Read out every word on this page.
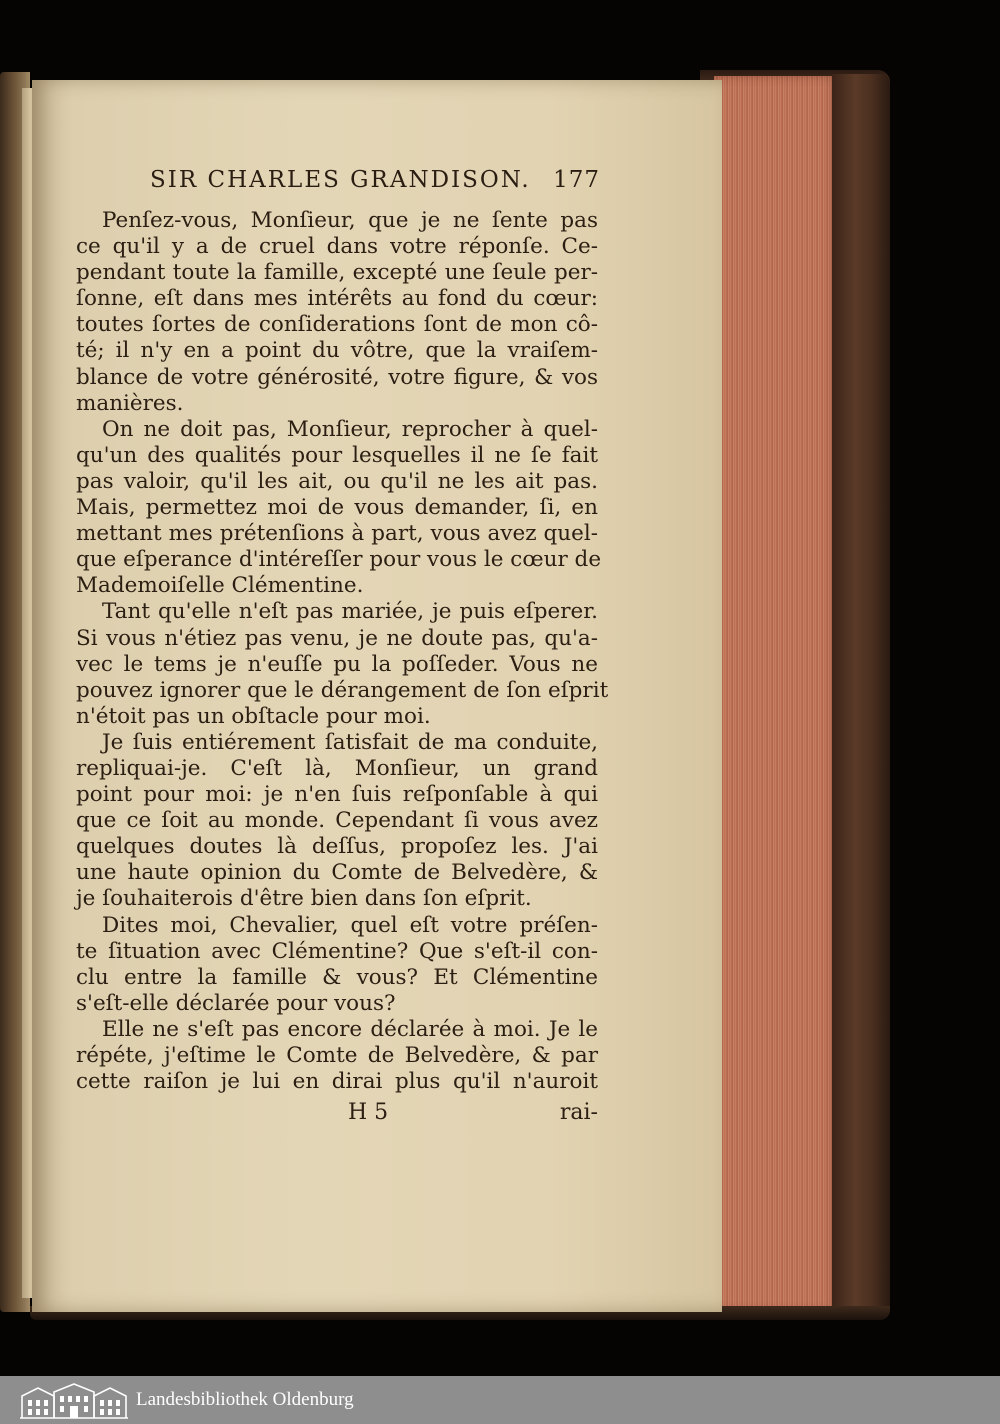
SIR CHARLES GRANDISON. 177
Penſez-vous, Monſieur, que je ne ſente pas
ce qu'il y a de cruel dans votre réponſe. Ce-
pendant toute la famille, excepté une ſeule per-
ſonne, eſt dans mes intérêts au fond du cœur:
toutes ſortes de conſiderations ſont de mon cô-
té; il n'y en a point du vôtre, que la vraiſem-
blance de votre générosité, votre figure, & vos
manières.
On ne doit pas, Monſieur, reprocher à quel-
qu'un des qualités pour lesquelles il ne ſe fait
pas valoir, qu'il les ait, ou qu'il ne les ait pas.
Mais, permettez moi de vous demander, ſi, en
mettant mes prétenſions à part, vous avez quel-
que eſperance d'intéreſſer pour vous le cœur de
Mademoiſelle Clémentine.
Tant qu'elle n'eſt pas mariée, je puis eſperer.
Si vous n'étiez pas venu, je ne doute pas, qu'a-
vec le tems je n'euſſe pu la poſſeder. Vous ne
pouvez ignorer que le dérangement de ſon eſprit
n'étoit pas un obſtacle pour moi.
Je ſuis entiérement ſatisfait de ma conduite,
repliquai-je. C'eſt là, Monſieur, un grand
point pour moi: je n'en ſuis reſponſable à qui
que ce ſoit au monde. Cependant ſi vous avez
quelques doutes là deſſus, propoſez les. J'ai
une haute opinion du Comte de Belvedère, &
je ſouhaiterois d'être bien dans ſon eſprit.
Dites moi, Chevalier, quel eſt votre préſen-
te ſituation avec Clémentine? Que s'eſt-il con-
clu entre la famille & vous? Et Clémentine
s'eſt-elle déclarée pour vous?
Elle ne s'eſt pas encore déclarée à moi. Je le
répéte, j'eſtime le Comte de Belvedère, & par
cette raiſon je lui en dirai plus qu'il n'auroit
H 5	rai-
Landesbibliothek Oldenburg
